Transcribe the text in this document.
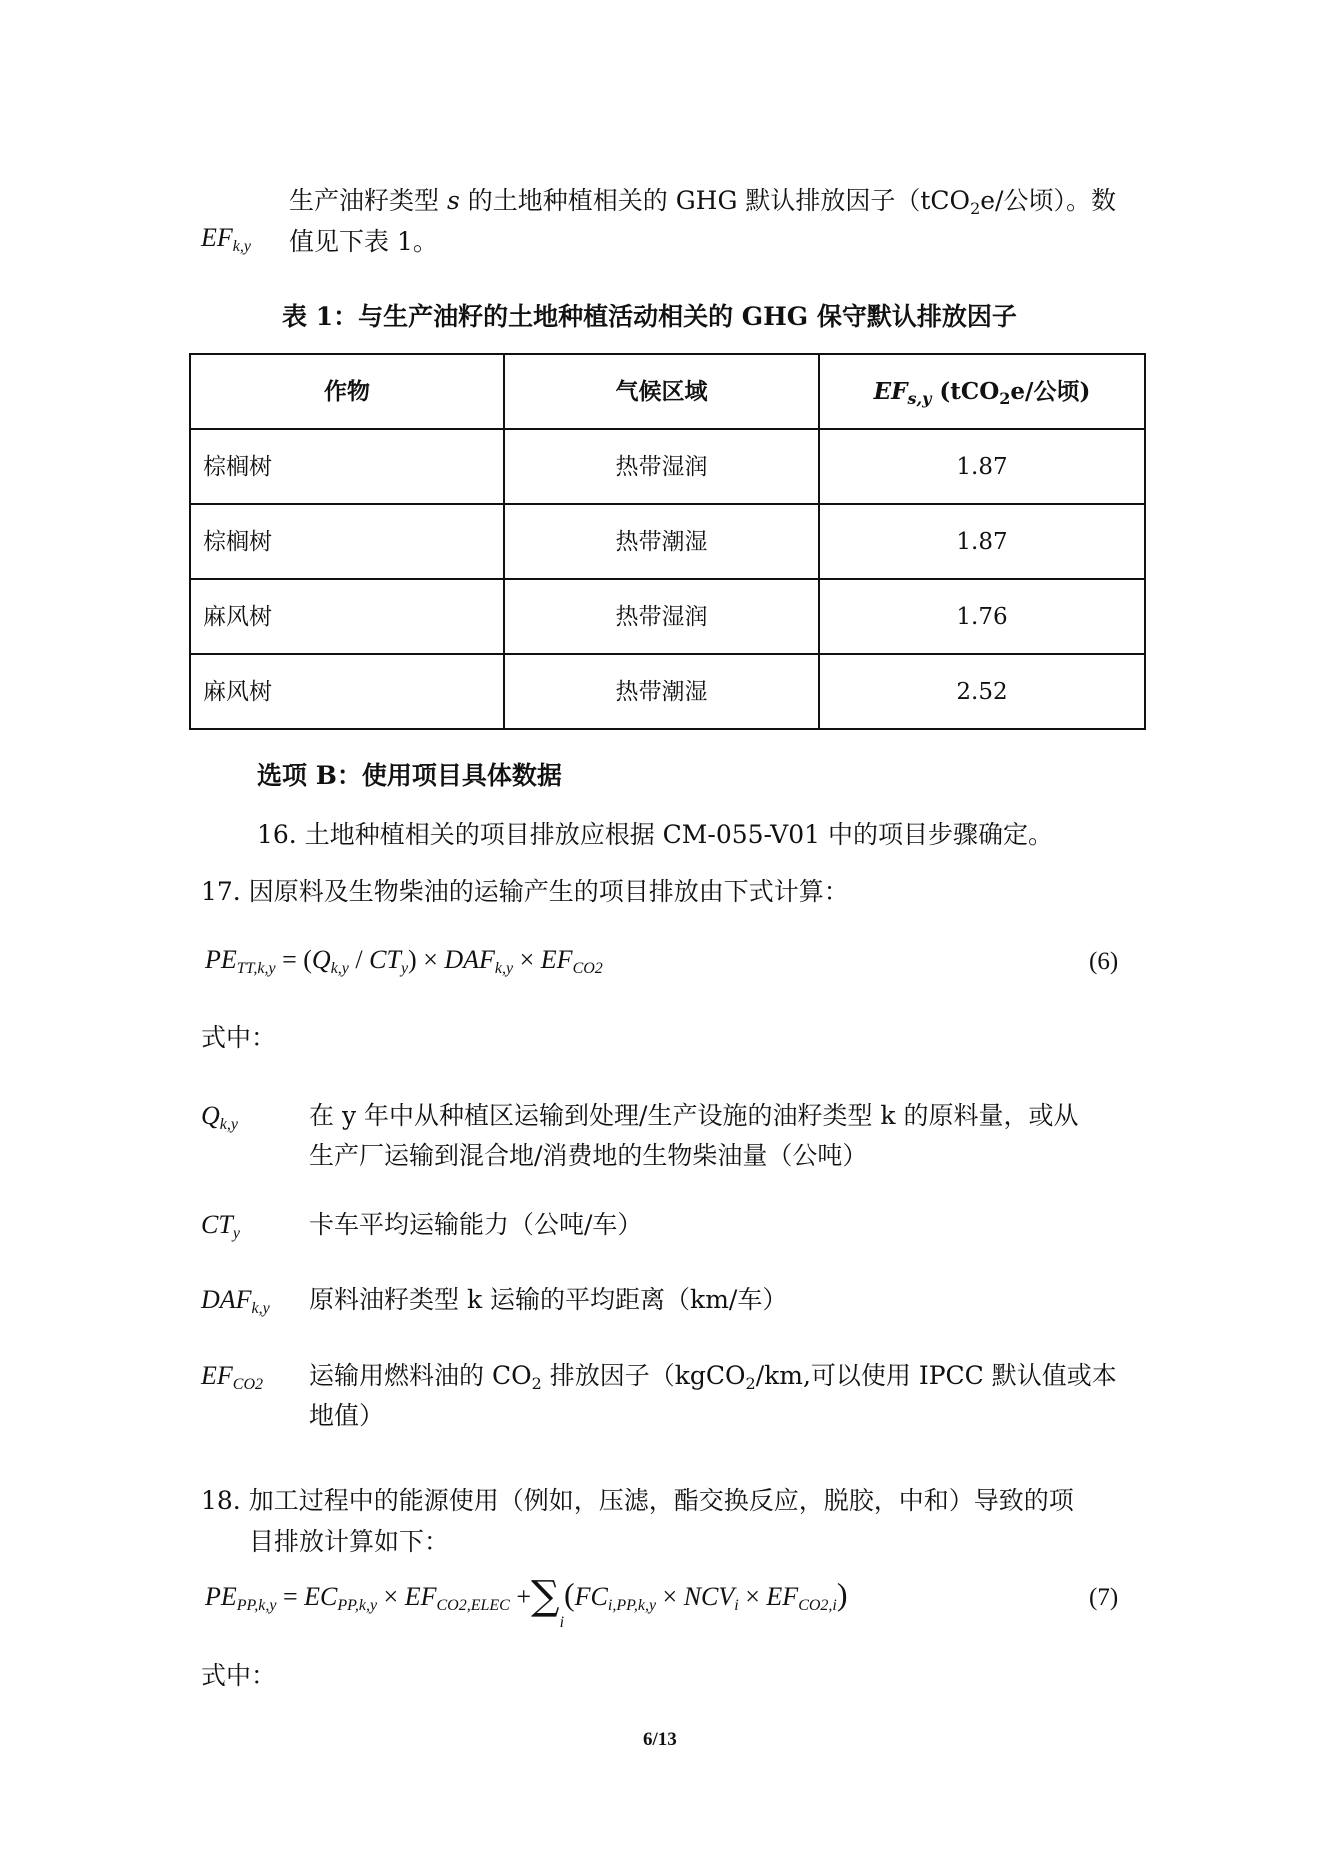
$EF_{k,y}$
生产油籽类型 s 的土地种植相关的 GHG 默认排放因子（tCO$_2$e/公顷）。数
值见下表 1。
表 1：与生产油籽的土地种植活动相关的 GHG 保守默认排放因子
作物	气候区域	$EF_{s,y}$ (tCO$_2$e/公顷)
棕榈树	热带湿润	1.87
棕榈树	热带潮湿	1.87
麻风树	热带湿润	1.76
麻风树	热带潮湿	2.52
选项 B：使用项目具体数据
16. 土地种植相关的项目排放应根据 CM-055-V01 中的项目步骤确定。
17. 因原料及生物柴油的运输产生的项目排放由下式计算：
$PE_{TT,k,y} = (Q_{k,y} / CT_y) \times DAF_{k,y} \times EF_{CO2}$	(6)
式中：
$Q_{k,y}$	在 y 年中从种植区运输到处理/生产设施的油籽类型 k 的原料量，或从
生产厂运输到混合地/消费地的生物柴油量（公吨）
$CT_y$	卡车平均运输能力（公吨/车）
$DAF_{k,y}$ 原料油籽类型 k 运输的平均距离（km/车）
$EF_{CO2}$ 运输用燃料油的 $CO_2$ 排放因子（kgCO$_2$/km,可以使用 IPCC 默认值或本
地值）
18. 加工过程中的能源使用（例如，压滤，酯交换反应，脱胶，中和）导致的项
目排放计算如下：
$PE_{PP,k,y} = EC_{PP,k,y} \times EF_{CO2,ELEC} +\sum_i(FC_{i,PP,k,y} \times NCV_i \times EF_{CO2,i})$	(7)
式中：
6/13
